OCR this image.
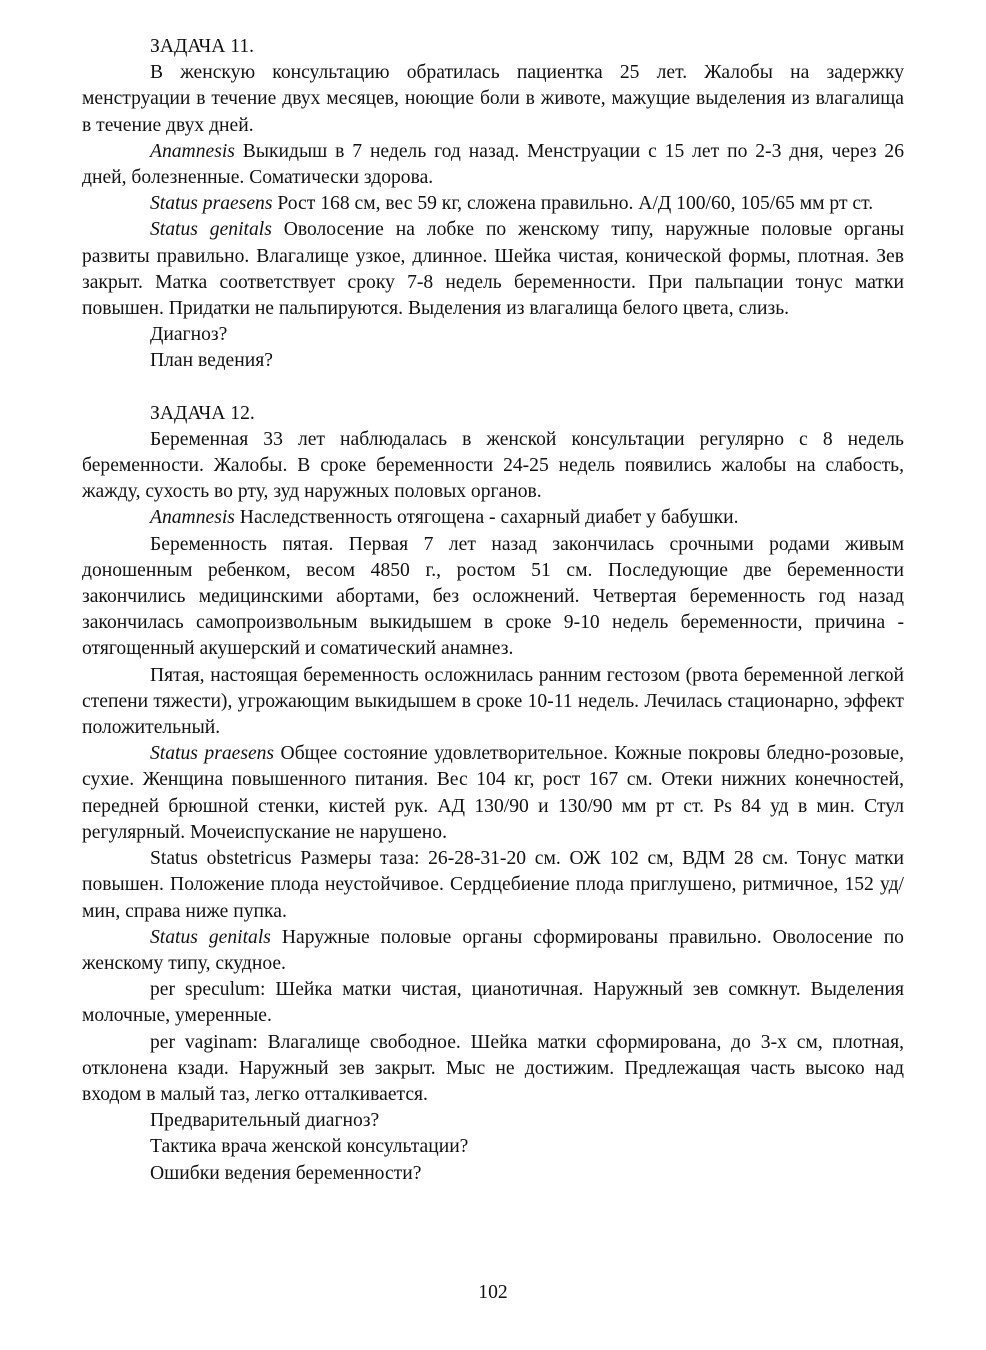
ЗАДАЧА 11.

В женскую консультацию обратилась пациентка 25 лет. Жалобы на задержку менструации в течение двух месяцев, ноющие боли в животе, мажущие выделения из влагалища в течение двух дней.

Anamnesis Выкидыш в 7 недель год назад. Менструации с 15 лет по 2-3 дня, через 26 дней, болезненные. Соматически здорова.

Status praesens Рост 168 см, вес 59 кг, сложена правильно. А/Д 100/60, 105/65 мм рт ст.

Status genitals Оволосение на лобке по женскому типу, наружные половые органы развиты правильно. Влагалище узкое, длинное. Шейка чистая, конической формы, плотная. Зев закрыт. Матка соответствует сроку 7-8 недель беременности. При пальпации тонус матки повышен. Придатки не пальпируются. Выделения из влагалища белого цвета, слизь.

Диагноз?

План ведения?

ЗАДАЧА 12.

Беременная 33 лет наблюдалась в женской консультации регулярно с 8 недель беременности. Жалобы. В сроке беременности 24-25 недель появились жалобы на слабость, жажду, сухость во рту, зуд наружных половых органов.

Anamnesis Наследственность отягощена - сахарный диабет у бабушки.

Беременность пятая. Первая 7 лет назад закончилась срочными родами живым доношенным ребенком, весом 4850 г., ростом 51 см. Последующие две беременности закончились медицинскими абортами, без осложнений. Четвертая беременность год назад закончилась самопроизвольным выкидышем в сроке 9-10 недель беременности, причина - отягощенный акушерский и соматический анамнез.

Пятая, настоящая беременность осложнилась ранним гестозом (рвота беременной легкой степени тяжести), угрожающим выкидышем в сроке 10-11 недель. Лечилась стационарно, эффект положительный.

Status praesens Общее состояние удовлетворительное. Кожные покровы бледно-розовые, сухие. Женщина повышенного питания. Вес 104 кг, рост 167 см. Отеки нижних конечностей, передней брюшной стенки, кистей рук. АД 130/90 и 130/90 мм рт ст. Ps 84 уд в мин. Стул регулярный. Мочеиспускание не нарушено.

Status obstetricus Размеры таза: 26-28-31-20 см. ОЖ 102 см, ВДМ 28 см. Тонус матки повышен. Положение плода неустойчивое. Сердцебиение плода приглушено, ритмичное, 152 уд/мин, справа ниже пупка.

Status genitals Наружные половые органы сформированы правильно. Оволосение по женскому типу, скудное.

per speculum: Шейка матки чистая, цианотичная. Наружный зев сомкнут. Выделения молочные, умеренные.

per vaginam: Влагалище свободное. Шейка матки сформирована, до 3-х см, плотная, отклонена кзади. Наружный зев закрыт. Мыс не достижим. Предлежащая часть высоко над входом в малый таз, легко отталкивается.

Предварительный диагноз?

Тактика врача женской консультации?

Ошибки ведения беременности?

102
